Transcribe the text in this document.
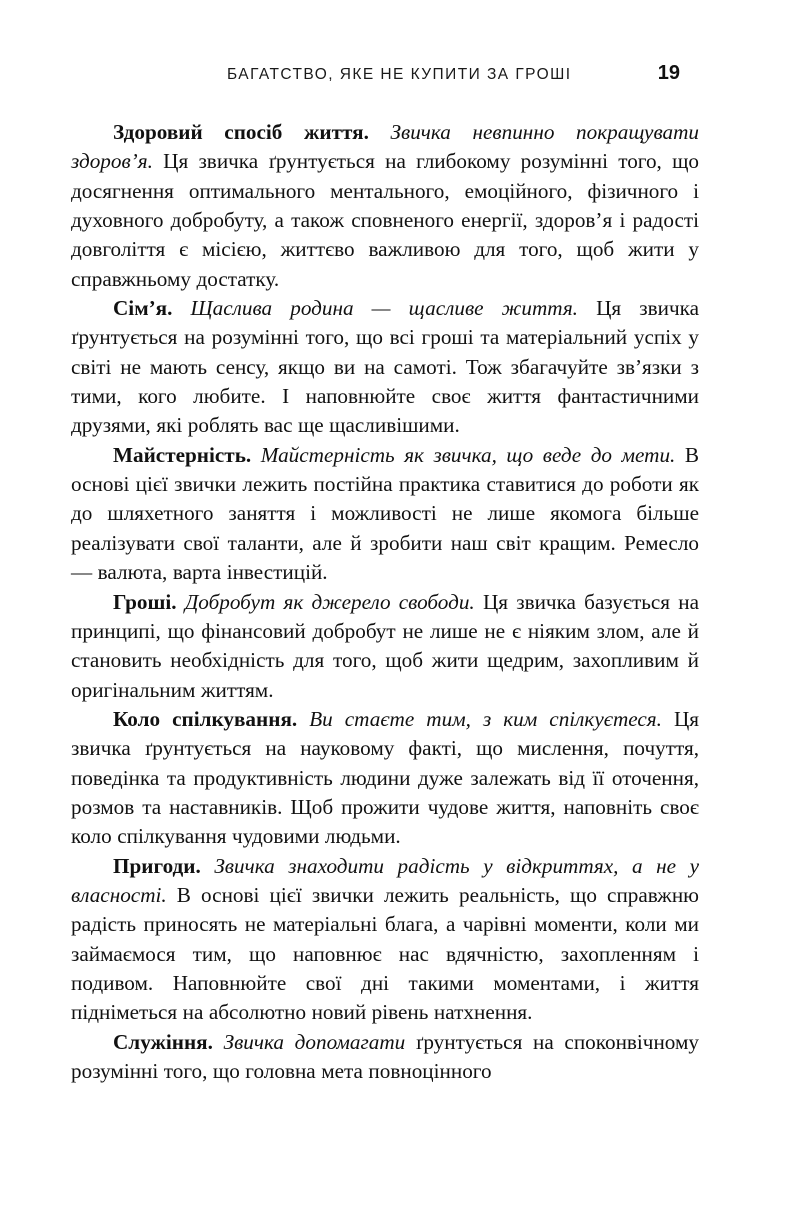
БАГАТСТВО, ЯКЕ НЕ КУПИТИ ЗА ГРОШІ	19

Здоровий спосіб життя. Звичка невпинно покращувати здоров’я. Ця звичка ґрунтується на глибокому розумінні того, що досягнення оптимального ментального, емоційного, фізичного і духовного добробуту, а також сповненого енергії, здоров’я і радості довголіття є місією, життєво важливою для того, щоб жити у справжньому достатку.

Сім’я. Щаслива родина — щасливе життя. Ця звичка ґрунтується на розумінні того, що всі гроші та матеріальний успіх у світі не мають сенсу, якщо ви на самоті. Тож збагачуйте зв’язки з тими, кого любите. І наповнюйте своє життя фантастичними друзями, які роблять вас ще щасливішими.

Майстерність. Майстерність як звичка, що веде до мети. В основі цієї звички лежить постійна практика ставитися до роботи як до шляхетного заняття і можливості не лише якомога більше реалізувати свої таланти, але й зробити наш світ кращим. Ремесло — валюта, варта інвестицій.

Гроші. Добробут як джерело свободи. Ця звичка базується на принципі, що фінансовий добробут не лише не є ніяким злом, але й становить необхідність для того, щоб жити щедрим, захопливим й оригінальним життям.

Коло спілкування. Ви стаєте тим, з ким спілкуєтеся. Ця звичка ґрунтується на науковому факті, що мислення, почуття, поведінка та продуктивність людини дуже залежать від її оточення, розмов та наставників. Щоб прожити чудове життя, наповніть своє коло спілкування чудовими людьми.

Пригоди. Звичка знаходити радість у відкриттях, а не у власності. В основі цієї звички лежить реальність, що справжню радість приносять не матеріальні блага, а чарівні моменти, коли ми займаємося тим, що наповнює нас вдячністю, захопленням і подивом. Наповнюйте свої дні такими моментами, і життя підніметься на абсолютно новий рівень натхнення.

Служіння. Звичка допомагати ґрунтується на споконвічному розумінні того, що головна мета повноцінного
